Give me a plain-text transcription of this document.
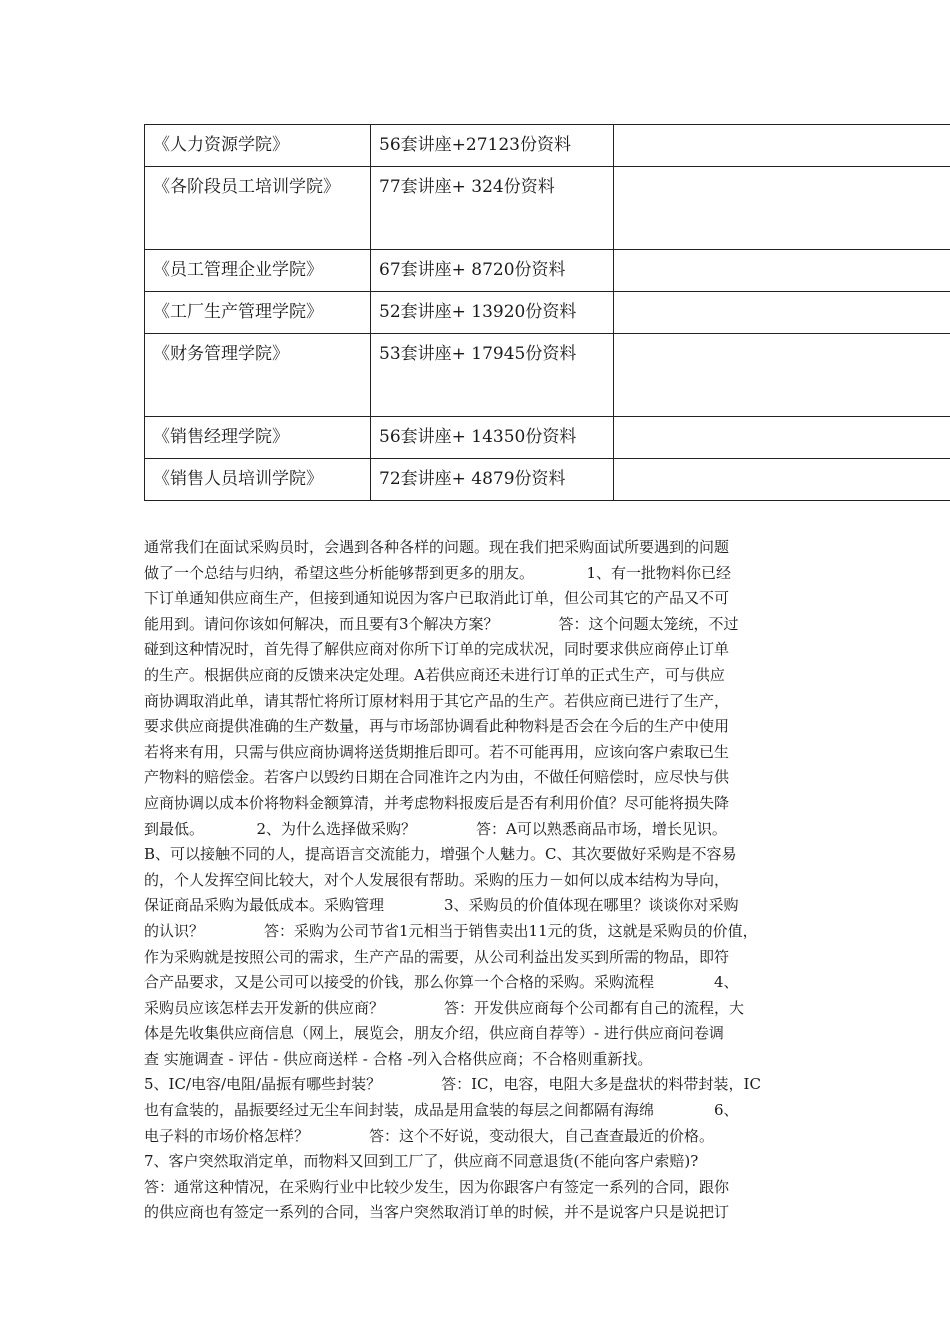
《人力资源学院》	56套讲座+27123份资料	
《各阶段员工培训学院》	77套讲座+ 324份资料	
《员工管理企业学院》	67套讲座+ 8720份资料	
《工厂生产管理学院》	52套讲座+ 13920份资料	
《财务管理学院》	53套讲座+ 17945份资料	
《销售经理学院》	56套讲座+ 14350份资料	
《销售人员培训学院》	72套讲座+ 4879份资料	
通常我们在面试采购员时，会遇到各种各样的问题。现在我们把采购面试所要遇到的问题
做了一个总结与归纳，希望这些分析能够帮到更多的朋友。　　　　1、有一批物料你已经
下订单通知供应商生产，但接到通知说因为客户已取消此订单，但公司其它的产品又不可
能用到。请问你该如何解决，而且要有3个解决方案？　　　　答：这个问题太笼统，不过
碰到这种情况时，首先得了解供应商对你所下订单的完成状况，同时要求供应商停止订单
的生产。根据供应商的反馈来决定处理。A若供应商还未进行订单的正式生产，可与供应
商协调取消此单，请其帮忙将所订原材料用于其它产品的生产。若供应商已进行了生产，
要求供应商提供准确的生产数量，再与市场部协调看此种物料是否会在今后的生产中使用
若将来有用，只需与供应商协调将送货期推后即可。若不可能再用，应该向客户索取已生
产物料的赔偿金。若客户以毁约日期在合同准许之内为由，不做任何赔偿时，应尽快与供
应商协调以成本价将物料金额算清，并考虑物料报废后是否有利用价值？尽可能将损失降
到最低。　　　　2、为什么选择做采购？　　　　答：A可以熟悉商品市场，增长见识。
B、可以接触不同的人，提高语言交流能力，增强个人魅力。C、其次要做好采购是不容易
的，个人发挥空间比较大，对个人发展很有帮助。采购的压力－如何以成本结构为导向，
保证商品采购为最低成本。采购管理　　　　3、采购员的价值体现在哪里？谈谈你对采购
的认识？　　　　答：采购为公司节省1元相当于销售卖出11元的货，这就是采购员的价值，
作为采购就是按照公司的需求，生产产品的需要，从公司利益出发买到所需的物品，即符
合产品要求，又是公司可以接受的价钱，那么你算一个合格的采购。采购流程　　　　4、
采购员应该怎样去开发新的供应商？　　　　答：开发供应商每个公司都有自己的流程，大
体是先收集供应商信息（网上，展览会，朋友介绍，供应商自荐等）- 进行供应商问卷调
查 实施调查 - 评估 - 供应商送样 - 合格 -列入合格供应商；不合格则重新找。
5、IC/电容/电阻/晶振有哪些封装？　　　　答：IC，电容，电阻大多是盘状的料带封装，IC
也有盒装的，晶振要经过无尘车间封装，成品是用盒装的每层之间都隔有海绵　　　　6、
电子料的市场价格怎样？　　　　答：这个不好说，变动很大，自己查查最近的价格。
7、客户突然取消定单，而物料又回到工厂了，供应商不同意退货(不能向客户索赔)?
答：通常这种情况，在采购行业中比较少发生，因为你跟客户有签定一系列的合同，跟你
的供应商也有签定一系列的合同，当客户突然取消订单的时候，并不是说客户只是说把订
